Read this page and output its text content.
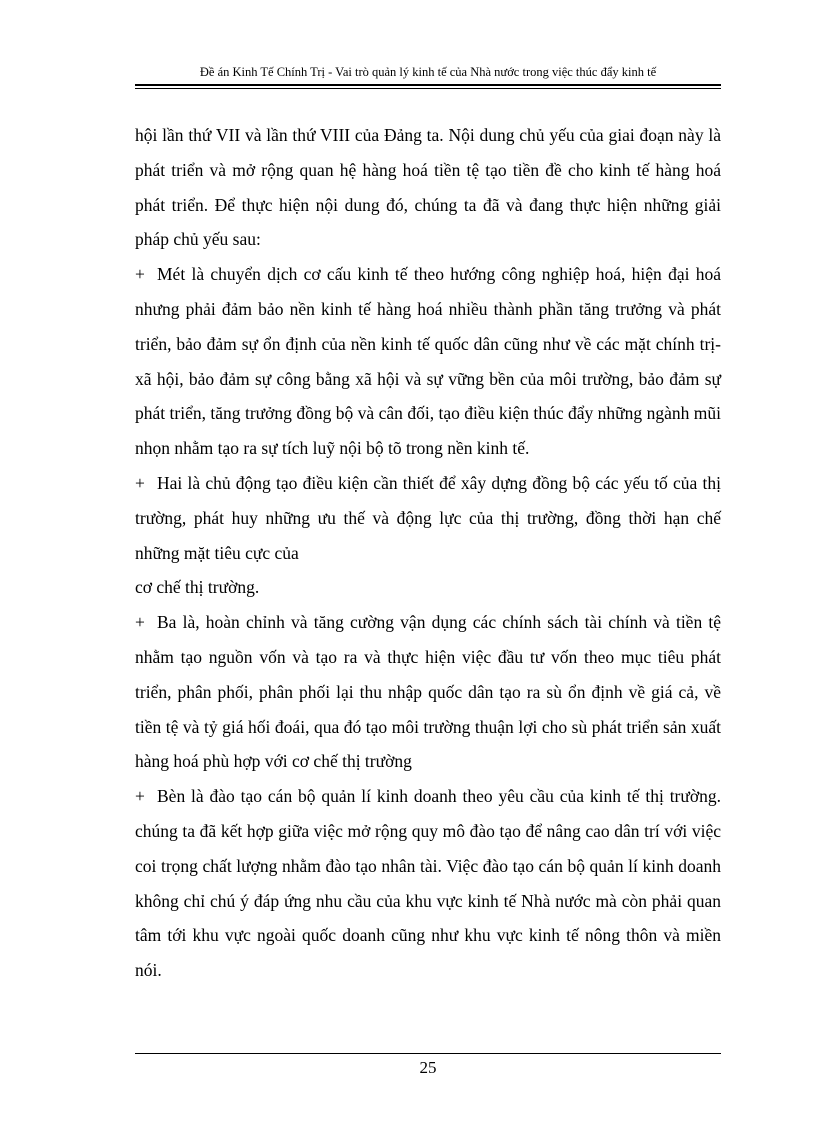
Đề án Kinh Tế Chính Trị - Vai trò quản lý kinh tế của Nhà nước trong việc thúc đẩy kinh tế

hội lần thứ VII và lần thứ VIII của Đảng ta. Nội dung chủ yếu của giai đoạn này là phát triển và mở rộng quan hệ hàng hoá tiền tệ tạo tiền đề cho kinh tế hàng hoá phát triển. Để thực hiện nội dung đó, chúng ta đã và đang thực hiện những giải pháp chủ yếu sau:

+ Mét là chuyển dịch cơ cấu kinh tế theo hướng công nghiệp hoá, hiện đại hoá nhưng phải đảm bảo nền kinh tế hàng hoá nhiều thành phần tăng trưởng và phát triển, bảo đảm sự ổn định của nền kinh tế quốc dân cũng như về các mặt chính trị- xã hội, bảo đảm sự công bằng xã hội và sự vững bền của môi trường, bảo đảm sự phát triển, tăng trưởng đồng bộ và cân đối, tạo điều kiện thúc đẩy những ngành mũi nhọn nhằm tạo ra sự tích luỹ nội bộ tõ trong nền kinh tế.

+ Hai là chủ động tạo điều kiện cần thiết để xây dựng đồng bộ các yếu tố của thị trường, phát huy những ưu thế và động lực của thị trường, đồng thời hạn chế những mặt tiêu cực của

cơ chế thị trường.

+ Ba là, hoàn chỉnh và tăng cường vận dụng các chính sách tài chính và tiền tệ nhằm tạo nguồn vốn và tạo ra và thực hiện việc đầu tư vốn theo mục tiêu phát triển, phân phối, phân phối lại thu nhập quốc dân tạo ra sù ổn định về giá cả, về tiền tệ và tỷ giá hối đoái, qua đó tạo môi trường thuận lợi cho sù phát triển sản xuất hàng hoá phù hợp với cơ chế thị trường

+ Bèn là đào tạo cán bộ quản lí kinh doanh theo yêu cầu của kinh tế thị trường. chúng ta đã kết hợp giữa việc mở rộng quy mô đào tạo để nâng cao dân trí với việc coi trọng chất lượng nhằm đào tạo nhân tài. Việc đào tạo cán bộ quản lí kinh doanh không chỉ chú ý đáp ứng nhu cầu của khu vực kinh tế Nhà nước mà còn phải quan tâm tới khu vực ngoài quốc doanh cũng như khu vực kinh tế nông thôn và miền nói.

25
